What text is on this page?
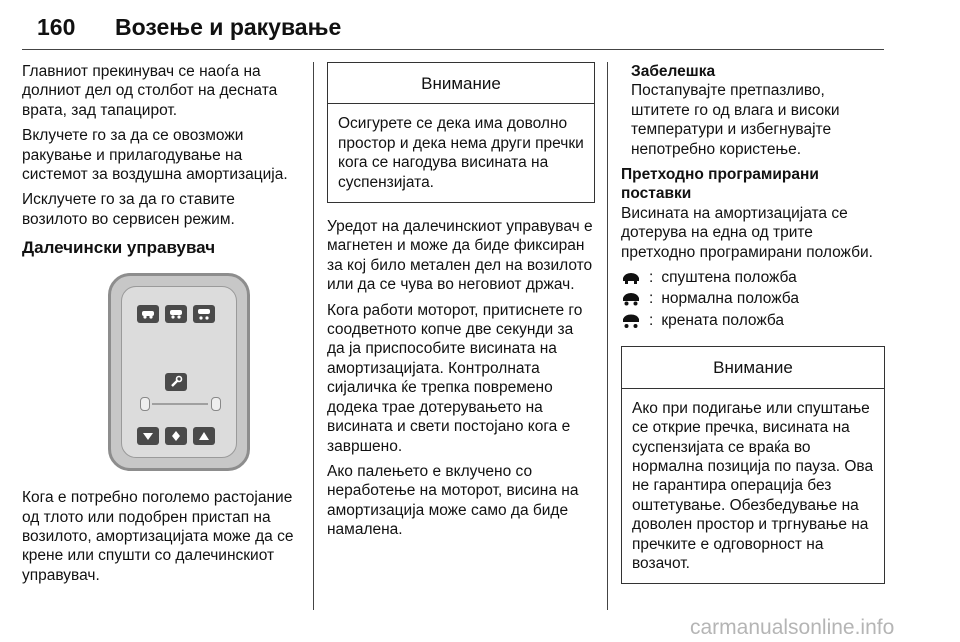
160 Возење и ракување

Главниот прекинувач се наоѓа на долниот дел од столбот на десната врата, зад тапацирот.

Вклучете го за да се овозможи ракување и прилагодување на системот за воздушна амортизација.

Исклучете го за да го ставите возилото во сервисен режим.

Далечински управувач

Кога е потребно поголемо растојание од тлото или подобрен пристап на возилото, амортизацијата може да се крене или спушти со далечинскиот управувач.

Внимание
Осигурете се дека има доволно простор и дека нема други пречки кога се нагодува висината на суспензијата.

Уредот на далечинскиот управувач е магнетен и може да биде фиксиран за кој било метален дел на возилото или да се чува во неговиот држач.

Кога работи моторот, притиснете го соодветното копче две секунди за да ја приспособите висината на амортизацијата. Контролната сијаличка ќе трепка повремено додека трае дотерувањето на висината и свети постојано кога е завршено.

Ако палењето е вклучено со неработење на моторот, висина на амортизација може само да биде намалена.

Забелешка
Постапувајте претпазливо, штитете го од влага и високи температури и избегнувајте непотребно користење.
Претходно програмирани поставки

Висината на амортизацијата се дотерува на една од трите претходно програмирани положби.

: спуштена положба
: нормална положба
: крената положба
Внимание
Ако при подигање или спуштање се открие пречка, висината на суспензијата се враќа во нормална позиција по пауза. Ова не гарантира операција без оштетување. Обезбедување на доволен простор и тргнување на пречките е одговорност на возачот.
carmanualsonline.info
